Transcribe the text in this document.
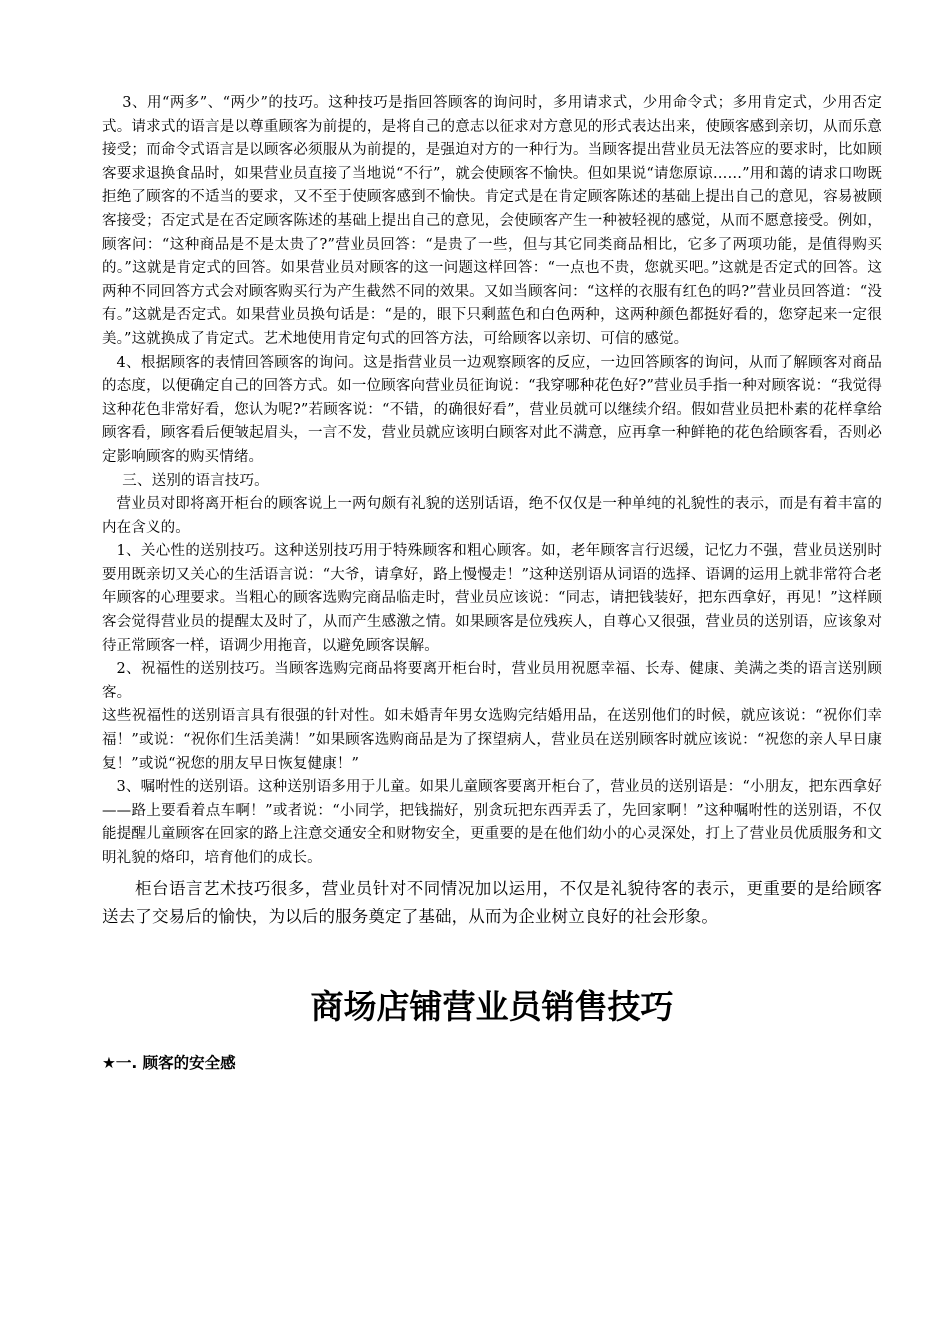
3、用“两多”、“两少”的技巧。这种技巧是指回答顾客的询问时，多用请求式，少用命令式；多用肯定式，少用否定式。请求式的语言是以尊重顾客为前提的，是将自己的意志以征求对方意见的形式表达出来，使顾客感到亲切，从而乐意接受；而命令式语言是以顾客必须服从为前提的，是强迫对方的一种行为。当顾客提出营业员无法答应的要求时，比如顾客要求退换食品时，如果营业员直接了当地说“不行”，就会使顾客不愉快。但如果说“请您原谅……”用和蔼的请求口吻既拒绝了顾客的不适当的要求，又不至于使顾客感到不愉快。肯定式是在肯定顾客陈述的基础上提出自己的意见，容易被顾客接受；否定式是在否定顾客陈述的基础上提出自己的意见，会使顾客产生一种被轻视的感觉，从而不愿意接受。例如，顾客问：“这种商品是不是太贵了?”营业员回答：“是贵了一些，但与其它同类商品相比，它多了两项功能，是值得购买的。”这就是肯定式的回答。如果营业员对顾客的这一问题这样回答：“一点也不贵，您就买吧。”这就是否定式的回答。这两种不同回答方式会对顾客购买行为产生截然不同的效果。又如当顾客问：“这样的衣服有红色的吗?”营业员回答道：“没有。”这就是否定式。如果营业员换句话是：“是的，眼下只剩蓝色和白色两种，这两种颜色都挺好看的，您穿起来一定很美。”这就换成了肯定式。艺术地使用肯定句式的回答方法，可给顾客以亲切、可信的感觉。

4、根据顾客的表情回答顾客的询问。这是指营业员一边观察顾客的反应，一边回答顾客的询问，从而了解顾客对商品的态度，以便确定自己的回答方式。如一位顾客向营业员征询说：“我穿哪种花色好?”营业员手指一种对顾客说：“我觉得这种花色非常好看，您认为呢?”若顾客说：“不错，的确很好看”，营业员就可以继续介绍。假如营业员把朴素的花样拿给顾客看，顾客看后便皱起眉头，一言不发，营业员就应该明白顾客对此不满意，应再拿一种鲜艳的花色给顾客看，否则必定影响顾客的购买情绪。

三、送别的语言技巧。

营业员对即将离开柜台的顾客说上一两句颇有礼貌的送别话语，绝不仅仅是一种单纯的礼貌性的表示，而是有着丰富的内在含义的。

1、关心性的送别技巧。这种送别技巧用于特殊顾客和粗心顾客。如，老年顾客言行迟缓，记忆力不强，营业员送别时要用既亲切又关心的生活语言说：“大爷，请拿好，路上慢慢走！”这种送别语从词语的选择、语调的运用上就非常符合老年顾客的心理要求。当粗心的顾客选购完商品临走时，营业员应该说：“同志，请把钱装好，把东西拿好，再见！”这样顾客会觉得营业员的提醒太及时了，从而产生感激之情。如果顾客是位残疾人，自尊心又很强，营业员的送别语，应该象对待正常顾客一样，语调少用拖音，以避免顾客误解。

2、祝福性的送别技巧。当顾客选购完商品将要离开柜台时，营业员用祝愿幸福、长寿、健康、美满之类的语言送别顾客。

这些祝福性的送别语言具有很强的针对性。如未婚青年男女选购完结婚用品，在送别他们的时候，就应该说：“祝你们幸福！”或说：“祝你们生活美满！”如果顾客选购商品是为了探望病人，营业员在送别顾客时就应该说：“祝您的亲人早日康复！”或说“祝您的朋友早日恢复健康！”

3、嘱咐性的送别语。这种送别语多用于儿童。如果儿童顾客要离开柜台了，营业员的送别语是：“小朋友，把东西拿好——路上要看着点车啊！”或者说：“小同学，把钱揣好，别贪玩把东西弄丢了，先回家啊！”这种嘱咐性的送别语，不仅能提醒儿童顾客在回家的路上注意交通安全和财物安全，更重要的是在他们幼小的心灵深处，打上了营业员优质服务和文明礼貌的烙印，培育他们的成长。

柜台语言艺术技巧很多，营业员针对不同情况加以运用，不仅是礼貌待客的表示，更重要的是给顾客送去了交易后的愉快，为以后的服务奠定了基础，从而为企业树立良好的社会形象。

商场店铺营业员销售技巧
★一. 顾客的安全感
